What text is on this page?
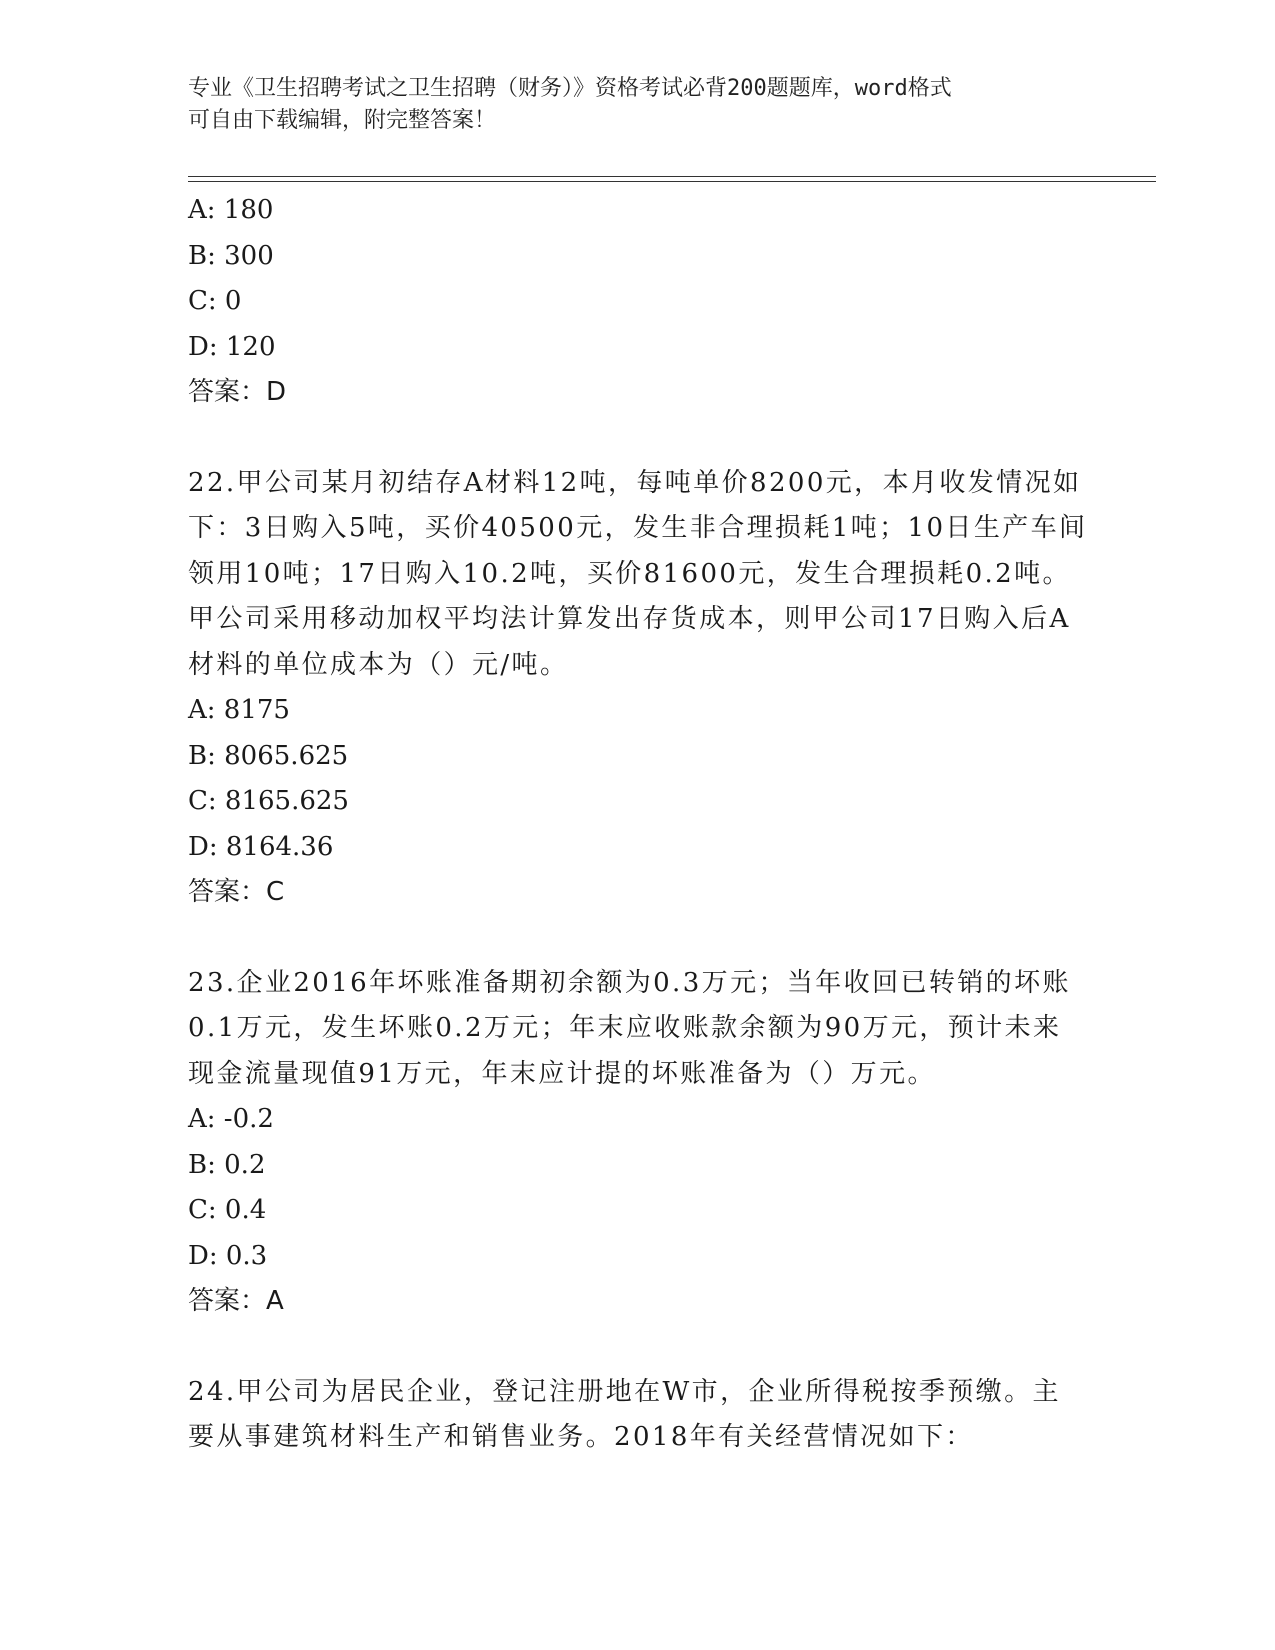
专业《卫生招聘考试之卫生招聘（财务）》资格考试必背200题题库，word格式
可自由下载编辑，附完整答案！
A: 180
B: 300
C: 0
D: 120
答案：D
22.甲公司某月初结存A材料12吨，每吨单价8200元，本月收发情况如下：3日购入5吨，买价40500元，发生非合理损耗1吨；10日生产车间领用10吨；17日购入10.2吨，买价81600元，发生合理损耗0.2吨。甲公司采用移动加权平均法计算发出存货成本，则甲公司17日购入后A材料的单位成本为（）元/吨。
A: 8175
B: 8065.625
C: 8165.625
D: 8164.36
答案：C
23.企业2016年坏账准备期初余额为0.3万元；当年收回已转销的坏账0.1万元，发生坏账0.2万元；年末应收账款余额为90万元，预计未来现金流量现值91万元，年末应计提的坏账准备为（）万元。
A: -0.2
B: 0.2
C: 0.4
D: 0.3
答案：A
24.甲公司为居民企业，登记注册地在W市，企业所得税按季预缴。主要从事建筑材料生产和销售业务。2018年有关经营情况如下：
